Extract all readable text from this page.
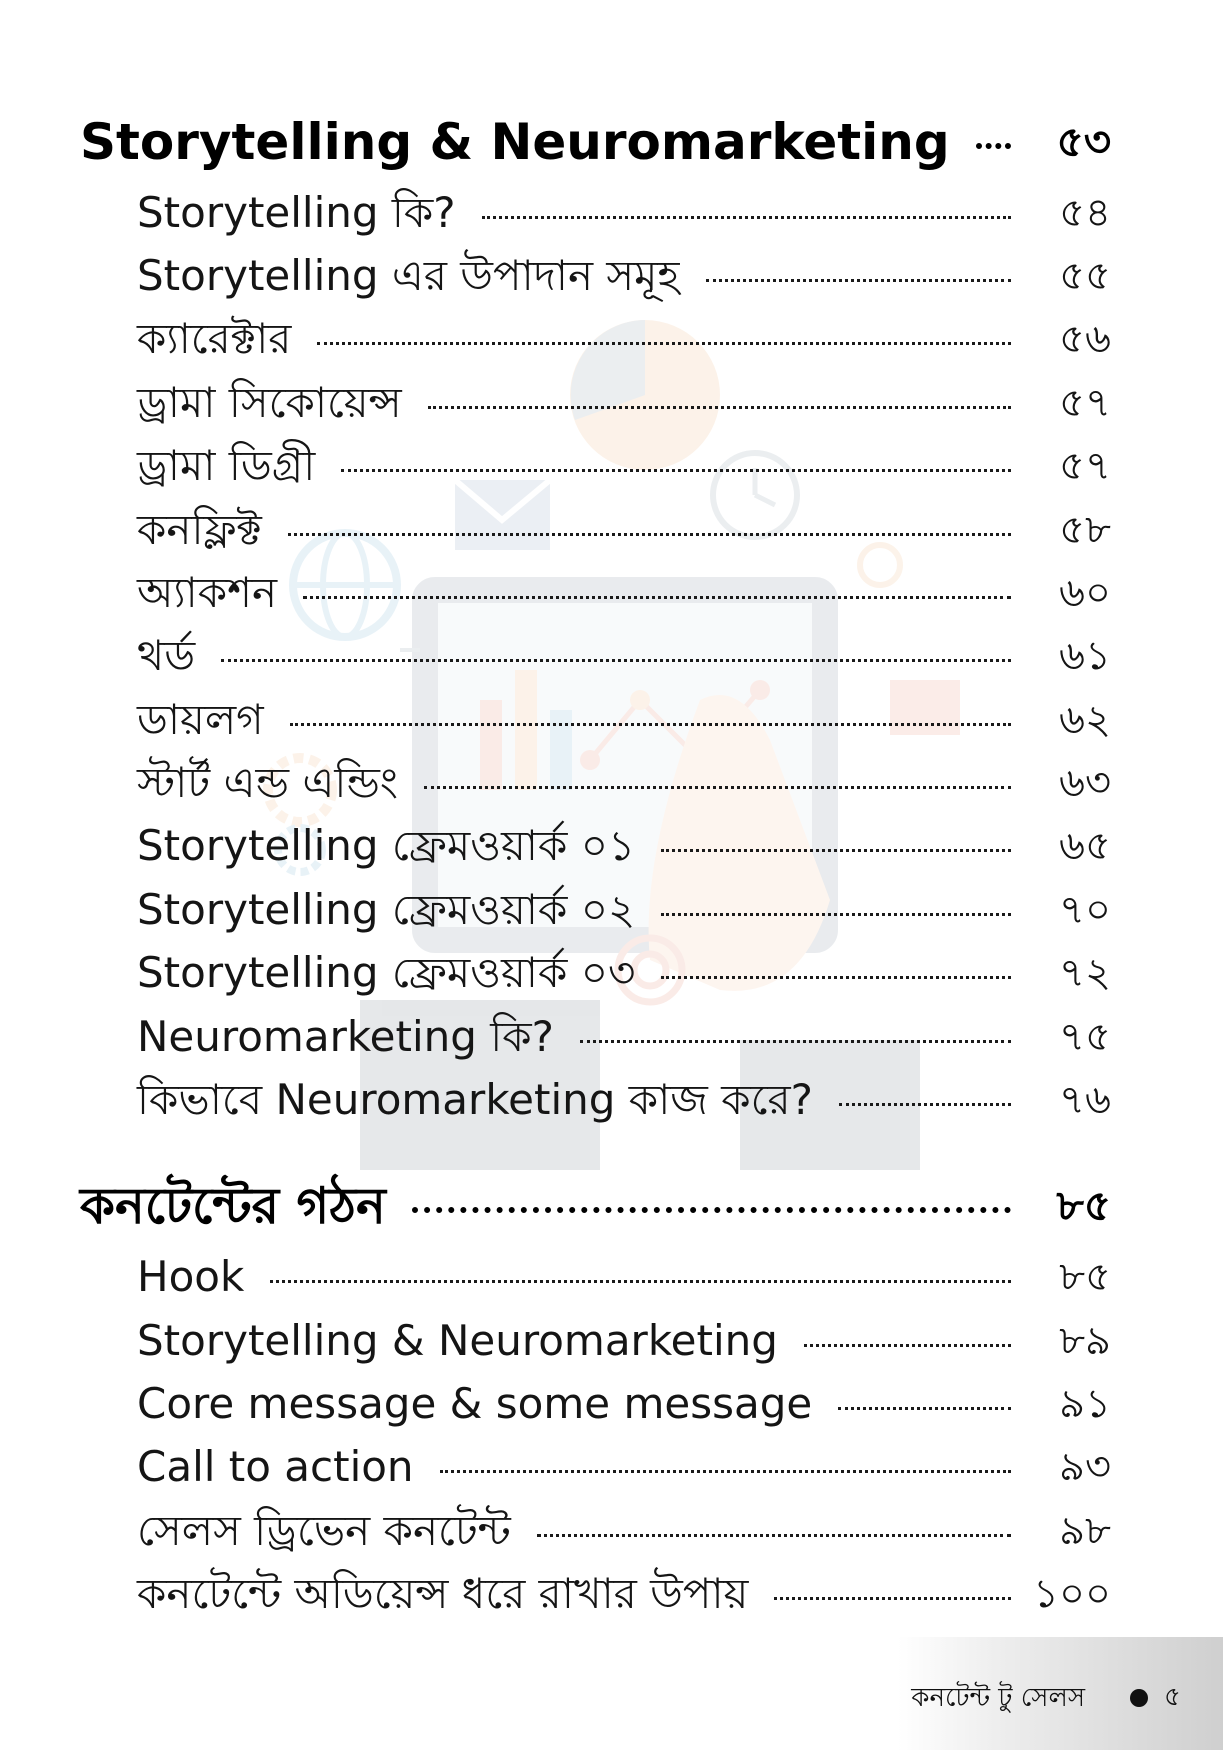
Storytelling & Neuromarketing	৫৩
Storytelling কি?	৫৪
Storytelling এর উপাদান সমূহ	৫৫
ক্যারেক্টার	৫৬
ড্রামা সিকোয়েন্স	৫৭
ড্রামা ডিগ্রী	৫৭
কনফ্লিক্ট	৫৮
অ্যাকশন	৬০
থর্ড	৬১
ডায়লগ	৬২
স্টার্ট এন্ড এন্ডিং	৬৩
Storytelling ফ্রেমওয়ার্ক ০১	৬৫
Storytelling ফ্রেমওয়ার্ক ০২	৭০
Storytelling ফ্রেমওয়ার্ক ০৩	৭২
Neuromarketing কি?	৭৫
কিভাবে Neuromarketing কাজ করে?	৭৬
কনটেন্টের গঠন	৮৫
Hook	৮৫
Storytelling & Neuromarketing	৮৯
Core message & some message	৯১
Call to action	৯৩
সেলস ড্রিভেন কনটেন্ট	৯৮
কনটেন্টে অডিয়েন্স ধরে রাখার উপায়	১০০
কনটেন্ট টু সেলস	৫
